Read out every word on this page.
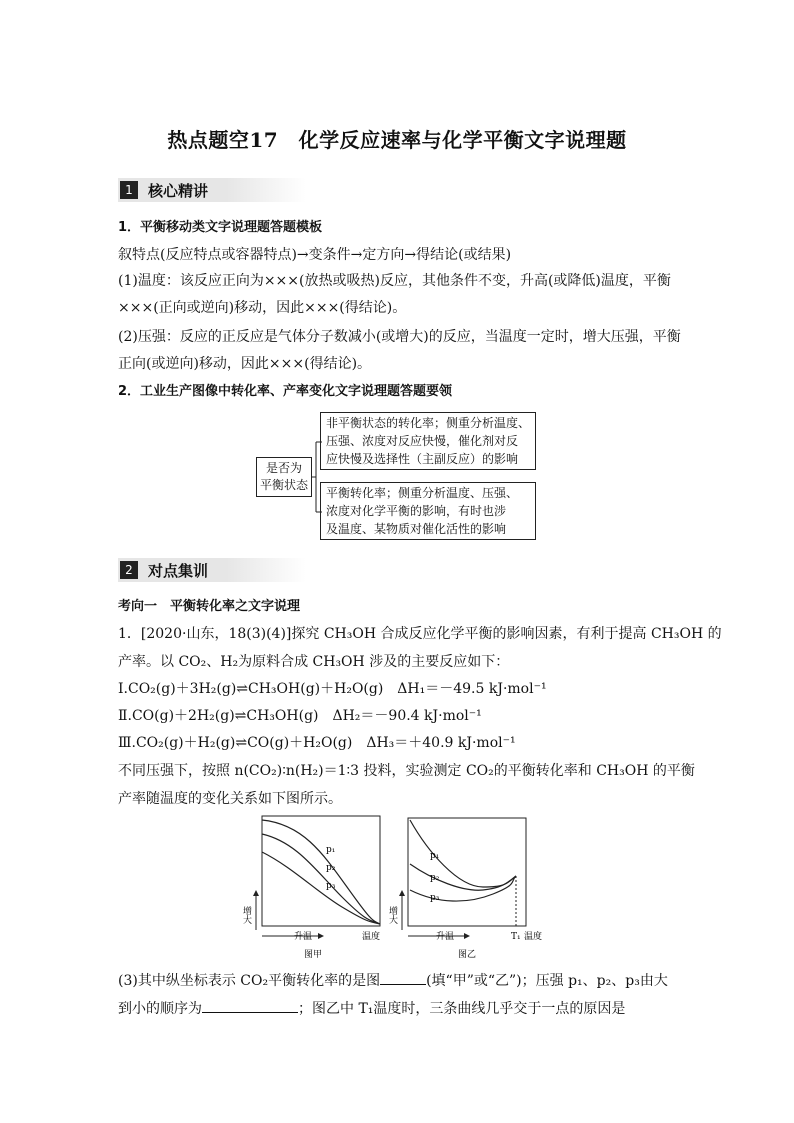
热点题空17　化学反应速率与化学平衡文字说理题
1	核心精讲
1．平衡移动类文字说理题答题模板
叙特点(反应特点或容器特点)→变条件→定方向→得结论(或结果)
(1)温度：该反应正向为×××(放热或吸热)反应，其他条件不变，升高(或降低)温度，平衡
×××(正向或逆向)移动，因此×××(得结论)。
(2)压强：反应的正反应是气体分子数减小(或增大)的反应，当温度一定时，增大压强，平衡
正向(或逆向)移动，因此×××(得结论)。
2．工业生产图像中转化率、产率变化文字说理题答题要领
是否为
平衡状态
非平衡状态的转化率；侧重分析温度、
压强、浓度对反应快慢，催化剂对反
应快慢及选择性（主副反应）的影响
平衡转化率；侧重分析温度、压强、
浓度对化学平衡的影响，有时也涉
及温度、某物质对催化活性的影响
2	对点集训
考向一　平衡转化率之文字说理
1．[2020·山东，18(3)(4)]探究 CH₃OH 合成反应化学平衡的影响因素，有利于提高 CH₃OH 的
产率。以 CO₂、H₂为原料合成 CH₃OH 涉及的主要反应如下：
Ⅰ.CO₂(g)＋3H₂(g)⇌CH₃OH(g)＋H₂O(g)　ΔH₁＝－49.5 kJ·mol⁻¹
Ⅱ.CO(g)＋2H₂(g)⇌CH₃OH(g)　ΔH₂＝－90.4 kJ·mol⁻¹
Ⅲ.CO₂(g)＋H₂(g)⇌CO(g)＋H₂O(g)　ΔH₃＝＋40.9 kJ·mol⁻¹
不同压强下，按照 n(CO₂)∶n(H₂)＝1∶3 投料，实验测定 CO₂的平衡转化率和 CH₃OH 的平衡
产率随温度的变化关系如下图所示。
p₁
p₂
p₃
增大
升温	温度
图甲
p₁
p₂
p₃
增大
升温	T₁ 温度
图乙
(3)其中纵坐标表示 CO₂平衡转化率的是图	(填“甲”或“乙”)；压强 p₁、p₂、p₃由大
到小的顺序为	；图乙中 T₁温度时，三条曲线几乎交于一点的原因是
